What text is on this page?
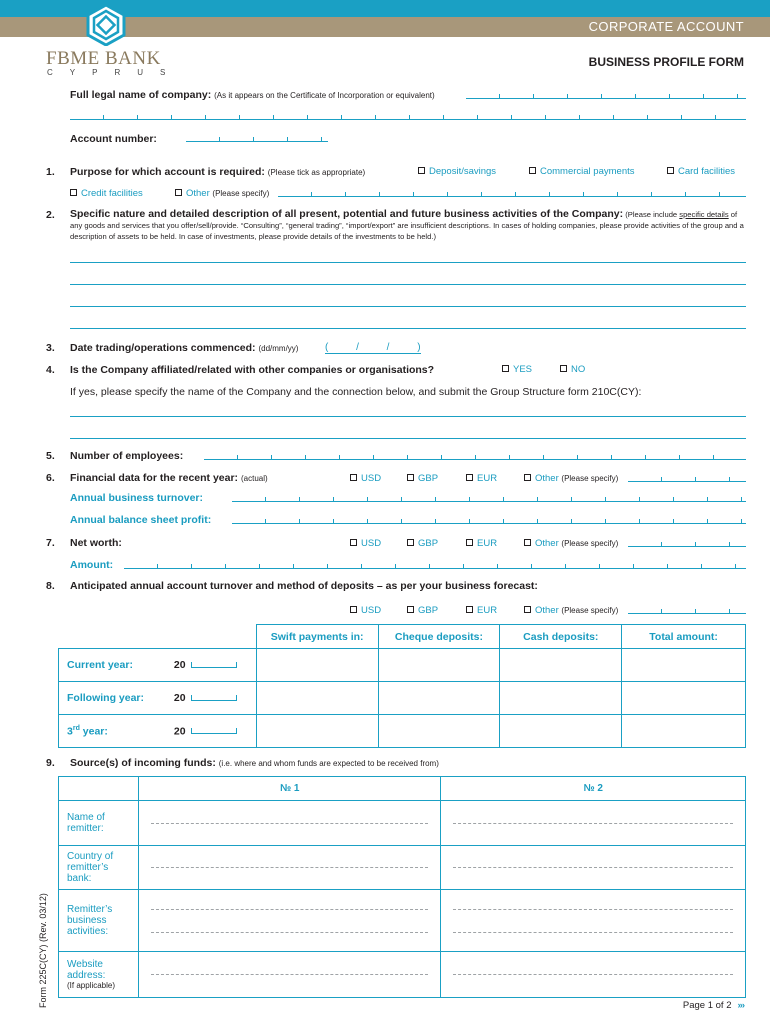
CORPORATE ACCOUNT
FBME BANK
CYPRUS
BUSINESS PROFILE FORM
Full legal name of company: (As it appears on the Certificate of Incorporation or equivalent)
Account number:
1. Purpose for which account is required: (Please tick as appropriate)	Deposit/savings	Commercial payments	Card facilities
Credit facilities	Other (Please specify)
2. Specific nature and detailed description of all present, potential and future business activities of the Company: (Please include specific details of any goods and services that you offer/sell/provide. “Consulting”, “general trading”, “import/export” are insufficient descriptions. In cases of holding companies, please provide activities of the group and a description of assets to be held. In case of investments, please provide details of the investments to be held.)
3. Date trading/operations commenced: (dd/mm/yy)	(          /          /          )
4. Is the Company affiliated/related with other companies or organisations?	YES	NO
If yes, please specify the name of the Company and the connection below, and submit the Group Structure form 210C(CY):
5. Number of employees:
6. Financial data for the recent year: (actual)	USD	GBP	EUR	Other (Please specify)
Annual business turnover:
Annual balance sheet profit:
7. Net worth:	USD	GBP	EUR	Other (Please specify)
Amount:
8. Anticipated annual account turnover and method of deposits – as per your business forecast:
USD	GBP	EUR	Other (Please specify)
	Swift payments in:	Cheque deposits:	Cash deposits:	Total amount:
Current year: 20				
Following year: 20				
3rd year: 20				
9. Source(s) of incoming funds: (i.e. where and whom funds are expected to be received from)
	№ 1	№ 2
Name of remitter:	

Country of remitter’s bank:	

Remitter’s business activities:	

Website address:
(If applicable)		

Form 225C(CY) (Rev. 03/12)	Page 1 of 2 ›››
